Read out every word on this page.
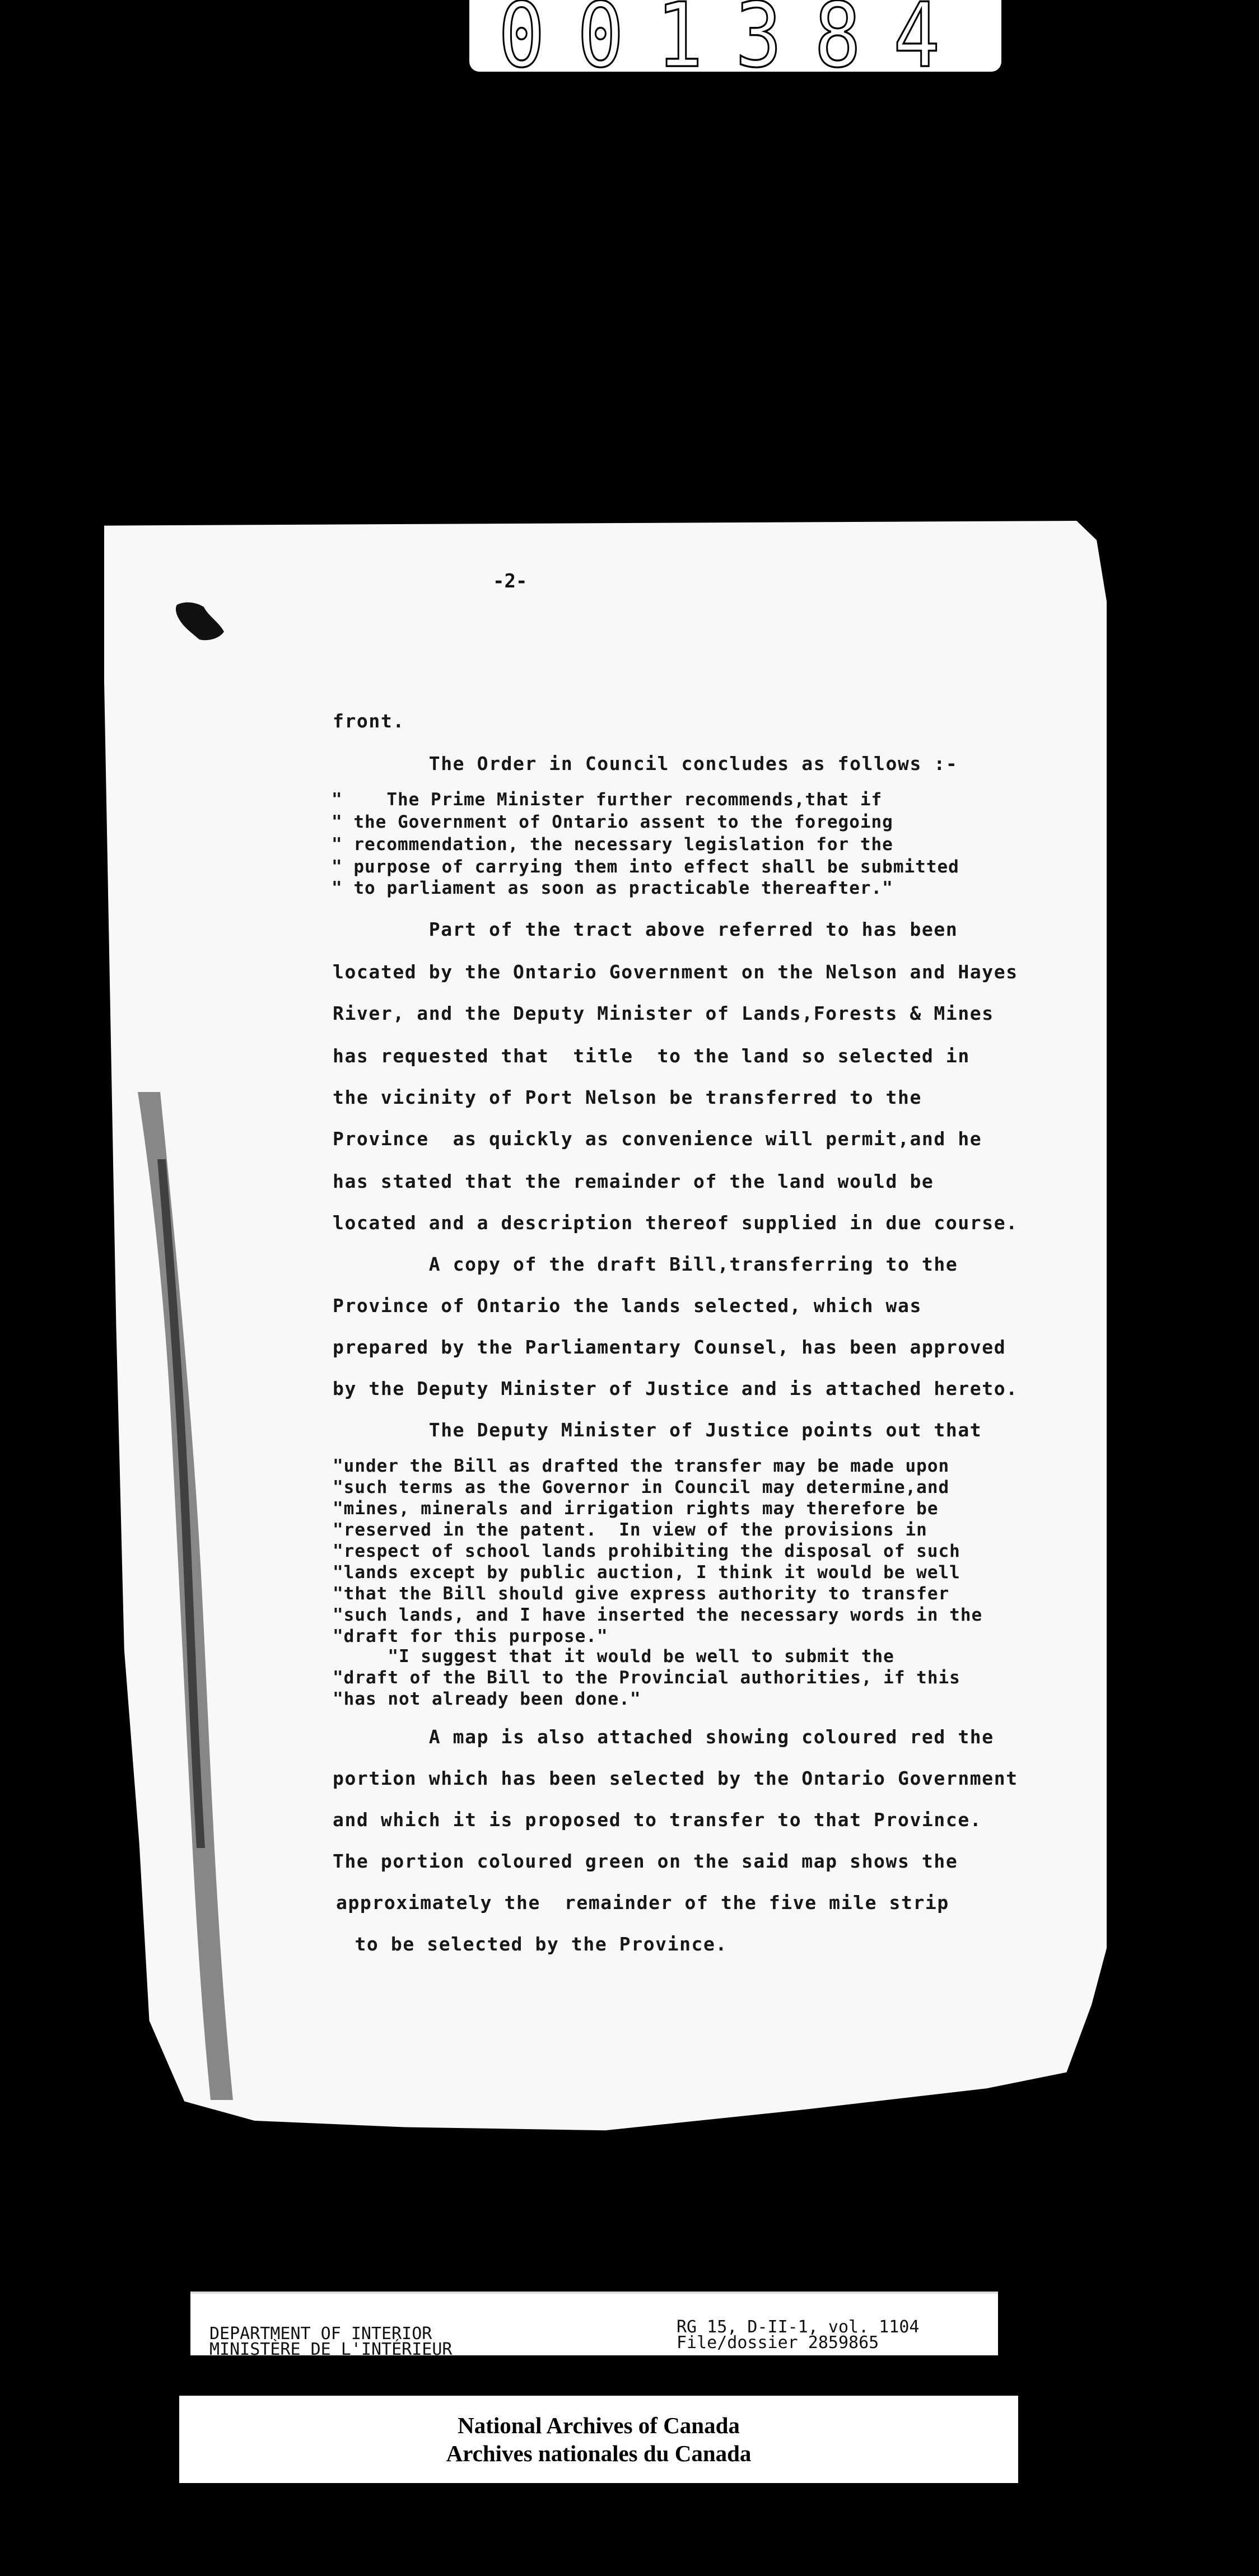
001384
-2-
front.
The Order in Council concludes as follows :-
"    The Prime Minister further recommends,that if
" the Government of Ontario assent to the foregoing
" recommendation, the necessary legislation for the
" purpose of carrying them into effect shall be submitted
" to parliament as soon as practicable thereafter."
Part of the tract above referred to has been
located by the Ontario Government on the Nelson and Hayes
River, and the Deputy Minister of Lands,Forests & Mines
has requested that  title  to the land so selected in
the vicinity of Port Nelson be transferred to the
Province  as quickly as convenience will permit,and he
has stated that the remainder of the land would be
located and a description thereof supplied in due course.
A copy of the draft Bill,transferring to the
Province of Ontario the lands selected, which was
prepared by the Parliamentary Counsel, has been approved
by the Deputy Minister of Justice and is attached hereto.
The Deputy Minister of Justice points out that
"under the Bill as drafted the transfer may be made upon
"such terms as the Governor in Council may determine,and
"mines, minerals and irrigation rights may therefore be
"reserved in the patent.  In view of the provisions in
"respect of school lands prohibiting the disposal of such
"lands except by public auction, I think it would be well
"that the Bill should give express authority to transfer
"such lands, and I have inserted the necessary words in the
"draft for this purpose."
"I suggest that it would be well to submit the
"draft of the Bill to the Provincial authorities, if this
"has not already been done."
A map is also attached showing coloured red the
portion which has been selected by the Ontario Government
and which it is proposed to transfer to that Province.
The portion coloured green on the said map shows the
approximately the  remainder of the five mile strip
to be selected by the Province.
DEPARTMENT OF INTERIOR
MINISTÈRE DE L'INTÉRIEUR
RG 15, D-II-1, vol. 1104
File/dossier 2859865
National Archives of Canada
Archives nationales du Canada
